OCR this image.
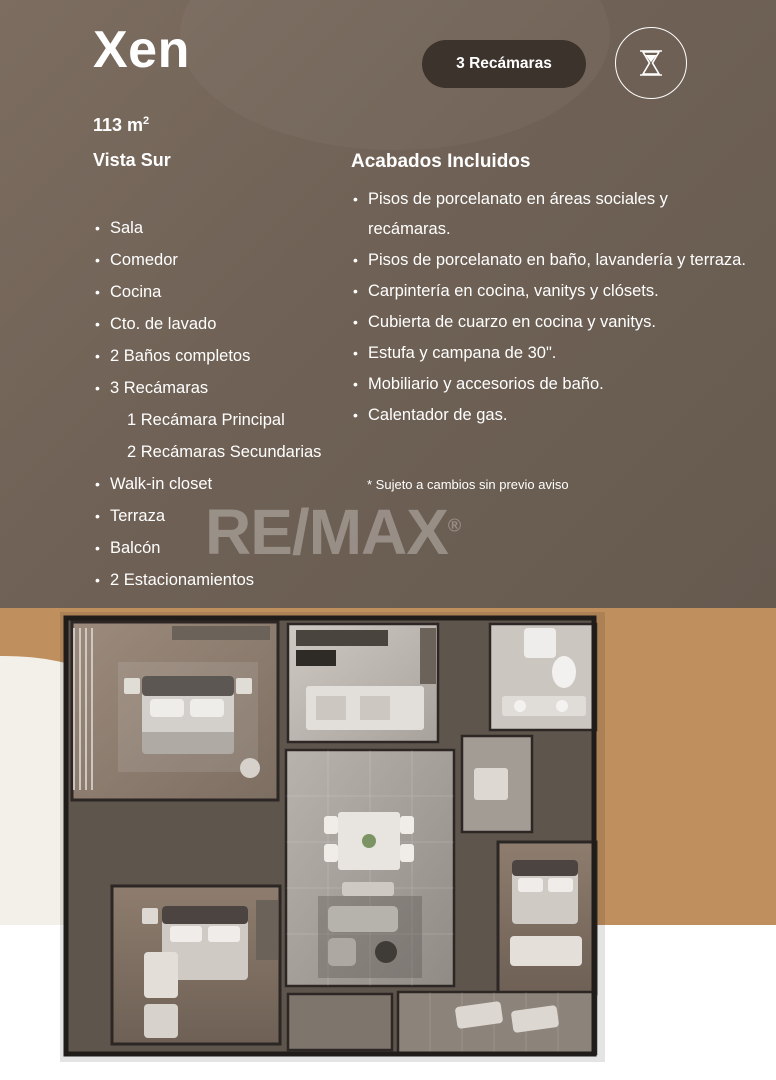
Xen	3 Recámaras
113 $m^2$
Vista Sur
• Sala
• Comedor
• Cocina
• Cto. de lavado
• 2 Baños completos
• 3 Recámaras
1 Recámara Principal
2 Recámaras Secundarias
• Walk-in closet
• Terraza
• Balcón
• 2 Estacionamientos
Acabados Incluidos
• Pisos de porcelanato en áreas sociales y recámaras.
• Pisos de porcelanato en baño, lavandería y terraza.
• Carpintería en cocina, vanitys y clósets.
• Cubierta de cuarzo en cocina y vanitys.
• Estufa y campana de 30".
• Mobiliario y accesorios de baño.
• Calentador de gas.
* Sujeto a cambios sin previo aviso
RE/MAX®
